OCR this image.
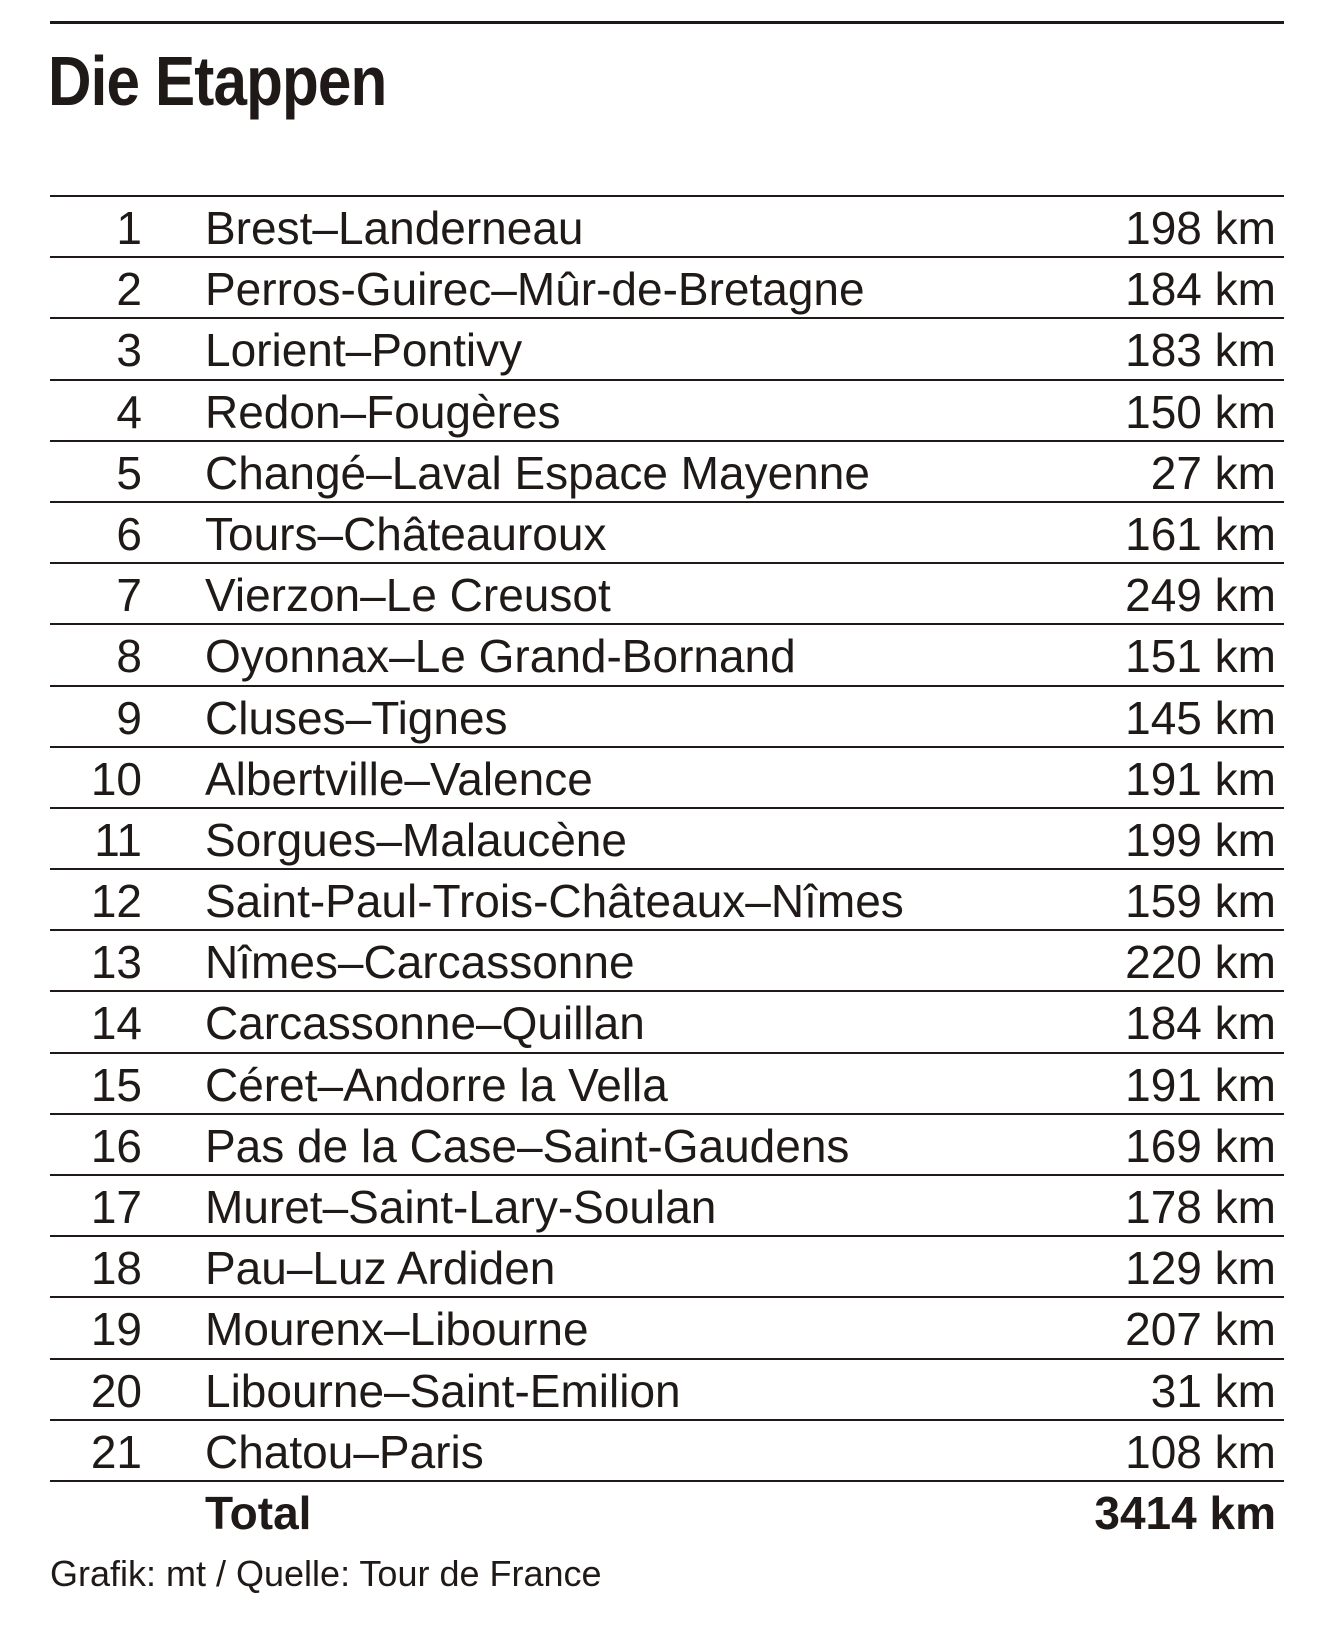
Die Etappen
1 Brest–Landerneau	198 km
2 Perros-Guirec–Mûr-de-Bretagne	184 km
3 Lorient–Pontivy	183 km
4 Redon–Fougères	150 km
5 Changé–Laval Espace Mayenne	27 km
6 Tours–Châteauroux	161 km
7 Vierzon–Le Creusot	249 km
8 Oyonnax–Le Grand-Bornand	151 km
9 Cluses–Tignes	145 km
10 Albertville–Valence	191 km
11 Sorgues–Malaucène	199 km
12 Saint-Paul-Trois-Châteaux–Nîmes	159 km
13 Nîmes–Carcassonne	220 km
14 Carcassonne–Quillan	184 km
15 Céret–Andorre la Vella	191 km
16 Pas de la Case–Saint-Gaudens	169 km
17 Muret–Saint-Lary-Soulan	178 km
18 Pau–Luz Ardiden	129 km
19 Mourenx–Libourne	207 km
20 Libourne–Saint-Emilion	31 km
21 Chatou–Paris	108 km
Total	3414 km
Grafik: mt / Quelle: Tour de France
